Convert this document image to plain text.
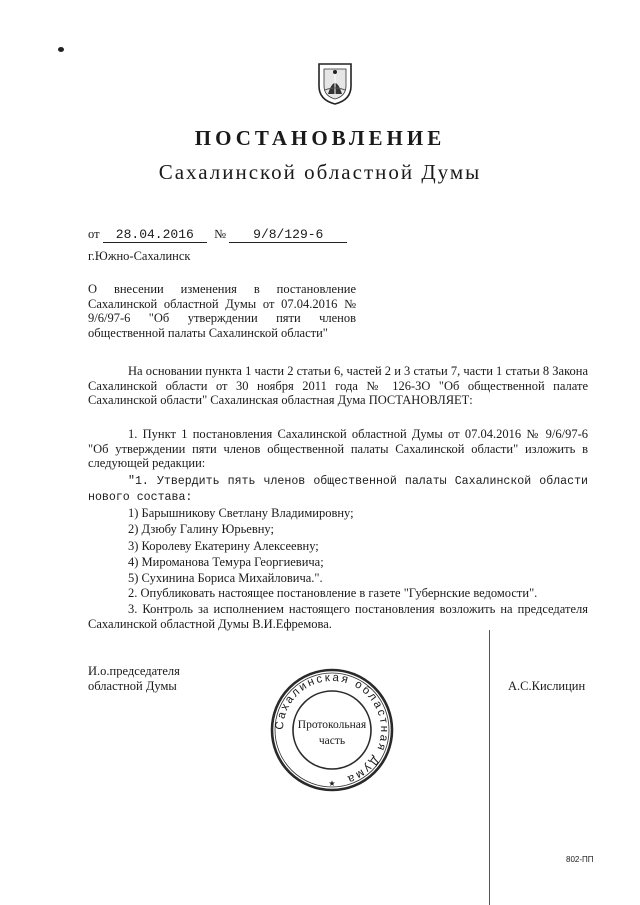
ПОСТАНОВЛЕНИЕ
Сахалинской областной Думы
от 28.04.2016 № 9/8/129-6
г.Южно-Сахалинск
О внесении изменения в постановление Сахалинской областной Думы от 07.04.2016 № 9/6/97-6 "Об утверждении пяти членов общественной палаты Сахалинской области"
На основании пункта 1 части 2 статьи 6, частей 2 и 3 статьи 7, части 1 статьи 8 Закона Сахалинской области от 30 ноября 2011 года № 126-ЗО "Об общественной палате Сахалинской области" Сахалинская областная Дума ПОСТАНОВЛЯЕТ:
1. Пункт 1 постановления Сахалинской областной Думы от 07.04.2016 № 9/6/97-6 "Об утверждении пяти членов общественной палаты Сахалинской области" изложить в следующей редакции:
"1. Утвердить пять членов общественной палаты Сахалинской области нового состава:

1) Барышникову Светлану Владимировну;

2) Дзюбу Галину Юрьевну;

3) Королеву Екатерину Алексеевну;

4) Мироманова Темура Георгиевича;

5) Сухинина Бориса Михайловича.".

2. Опубликовать настоящее постановление в газете "Губернские ведомости".
3. Контроль за исполнением настоящего постановления возложить на председателя Сахалинской областной Думы В.И.Ефремова.
И.о.председателя
областной Думы	А.С.Кислицин
Сахалинская областная Дума
Протокольная
часть
★
802-ПП
